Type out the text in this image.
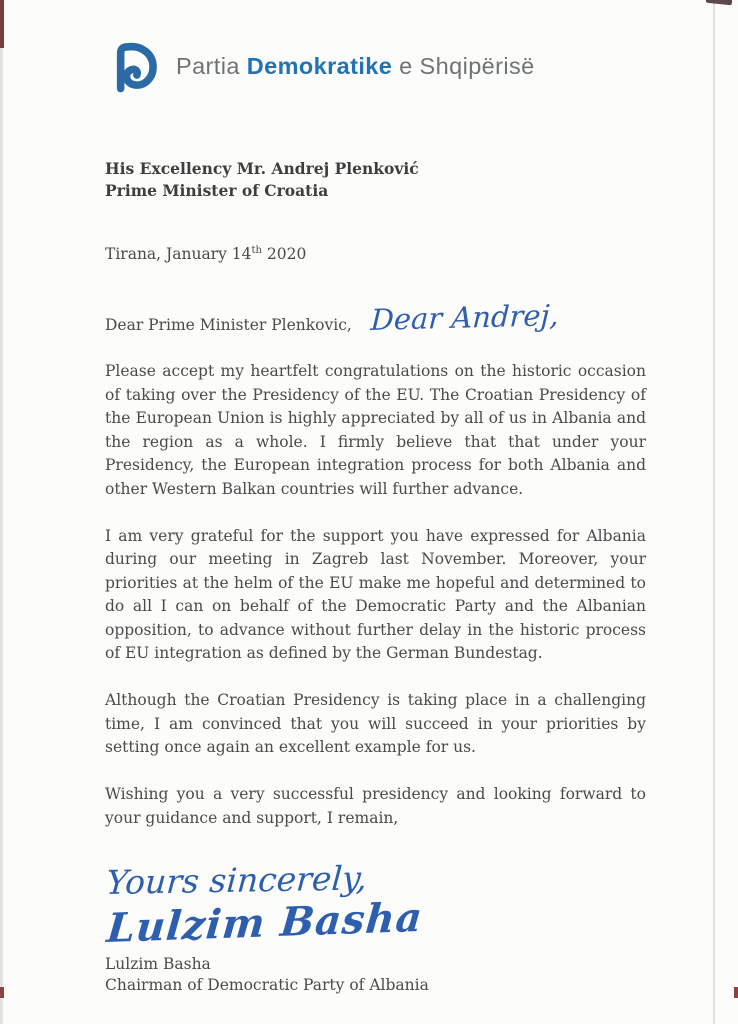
Partia Demokratike e Shqipërisë
His Excellency Mr. Andrej Plenković
Prime Minister of Croatia
Tirana, January 14th 2020
Dear Prime Minister Plenkovic, Dear Andrej,

Please accept my heartfelt congratulations on the historic occasion of taking over the Presidency of the EU. The Croatian Presidency of the European Union is highly appreciated by all of us in Albania and the region as a whole. I firmly believe that that under your Presidency, the European integration process for both Albania and other Western Balkan countries will further advance.

I am very grateful for the support you have expressed for Albania during our meeting in Zagreb last November. Moreover, your priorities at the helm of the EU make me hopeful and determined to do all I can on behalf of the Democratic Party and the Albanian opposition, to advance without further delay in the historic process of EU integration as defined by the German Bundestag.

Although the Croatian Presidency is taking place in a challenging time, I am convinced that you will succeed in your priorities by setting once again an excellent example for us.

Wishing you a very successful presidency and looking forward to your guidance and support, I remain,

Yours sincerely,
Lulzim Basha
Lulzim Basha
Chairman of Democratic Party of Albania
